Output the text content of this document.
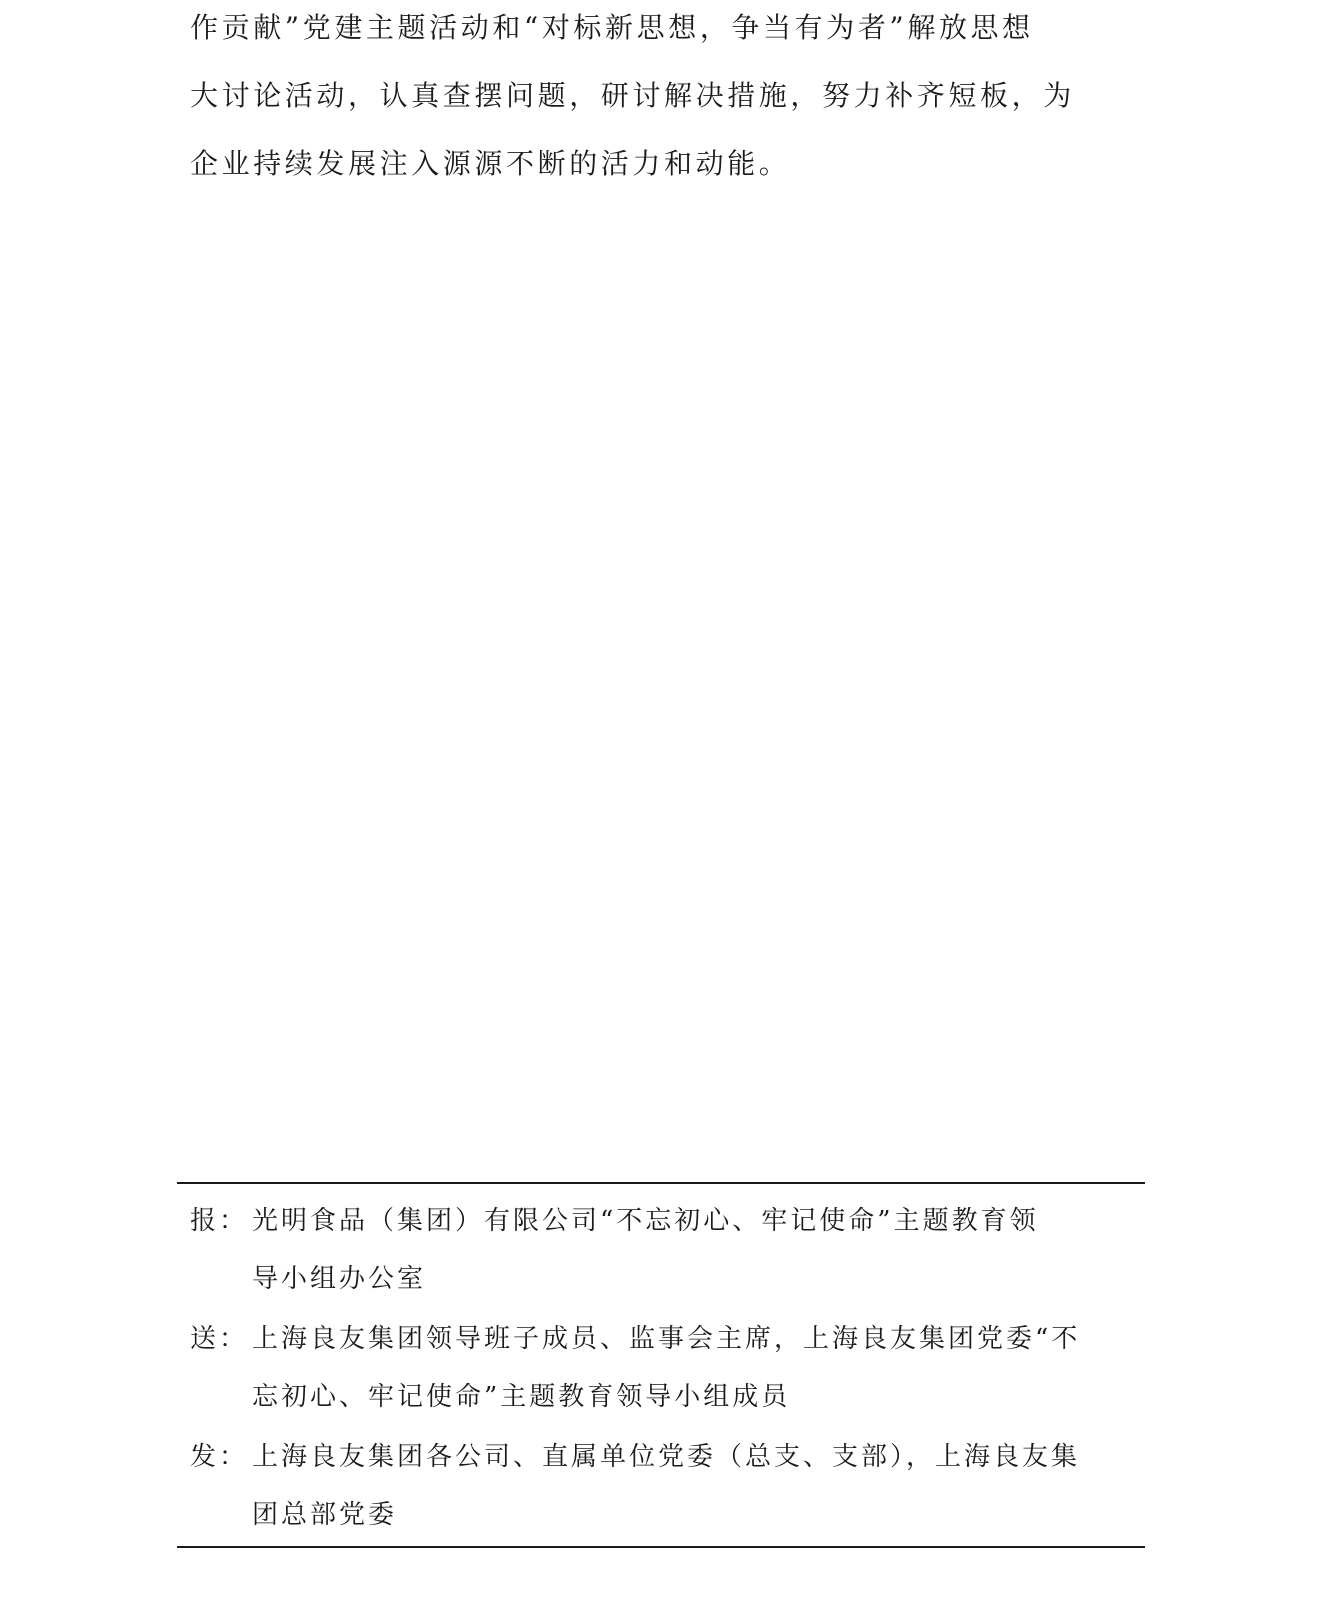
作贡献”党建主题活动和“对标新思想，争当有为者”解放思想
大讨论活动，认真查摆问题，研讨解决措施，努力补齐短板，为
企业持续发展注入源源不断的活力和动能。
报： 光明食品（集团）有限公司“不忘初心、牢记使命”主题教育领
导小组办公室
送： 上海良友集团领导班子成员、监事会主席，上海良友集团党委“不
忘初心、牢记使命”主题教育领导小组成员
发： 上海良友集团各公司、直属单位党委（总支、支部），上海良友集
团总部党委
